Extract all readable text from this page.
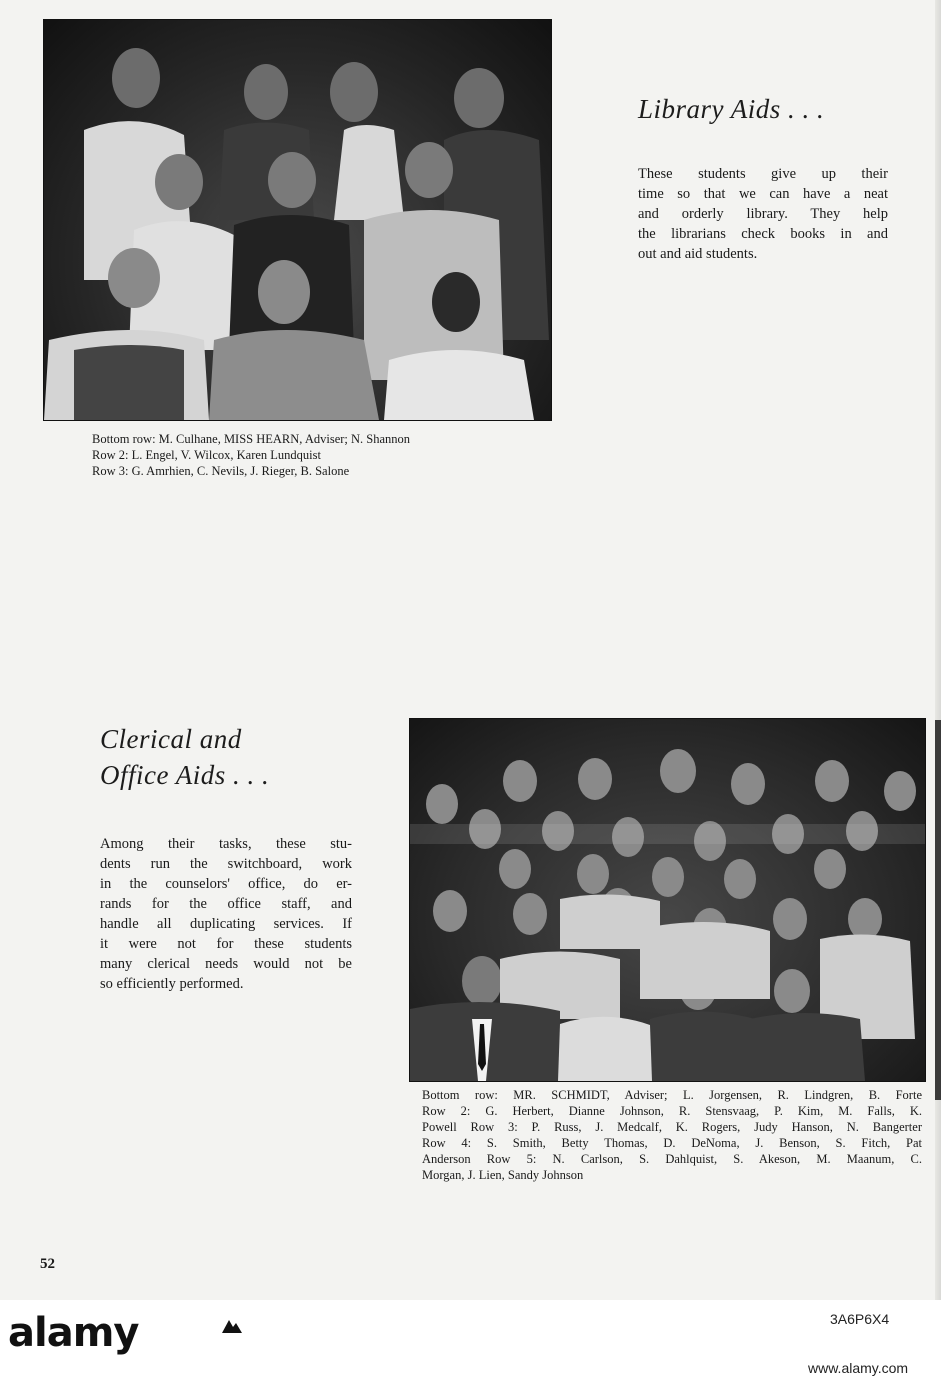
Library Aids . . .
These students give up their
time so that we can have a neat
and orderly library. They help
the librarians check books in and
out and aid students.
Bottom row: M. Culhane, MISS HEARN, Adviser; N. Shannon
Row 2: L. Engel, V. Wilcox, Karen Lundquist
Row 3: G. Amrhien, C. Nevils, J. Rieger, B. Salone
Clerical and
Office Aids . . .
Among their tasks, these stu-
dents run the switchboard, work
in the counselors' office, do er-
rands for the office staff, and
handle all duplicating services. If
it were not for these students
many clerical needs would not be
so efficiently performed.
Bottom row: MR. SCHMIDT, Adviser; L. Jorgensen, R. Lindgren, B. Forte
Row 2: G. Herbert, Dianne Johnson, R. Stensvaag, P. Kim, M. Falls, K.
Powell Row 3: P. Russ, J. Medcalf, K. Rogers, Judy Hanson, N. Bangerter
Row 4: S. Smith, Betty Thomas, D. DeNoma, J. Benson, S. Fitch, Pat
Anderson Row 5: N. Carlson, S. Dahlquist, S. Akeson, M. Maanum, C.
Morgan, J. Lien, Sandy Johnson
52
alamy	3A6P6X4
www.alamy.com
